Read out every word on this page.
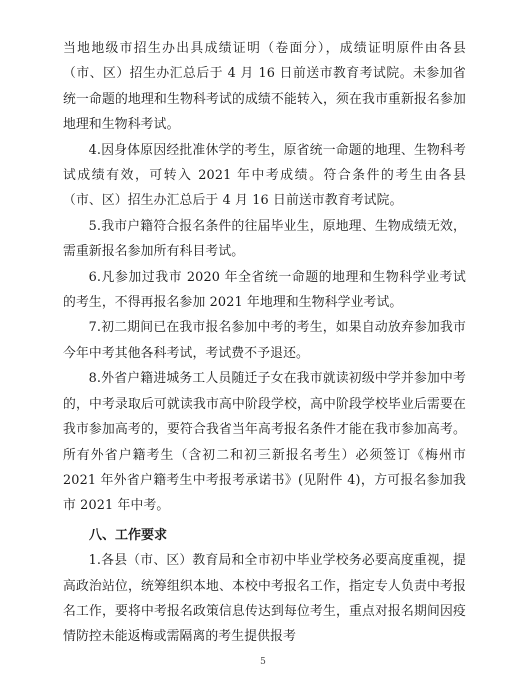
当地地级市招生办出具成绩证明（卷面分），成绩证明原件由各县（市、区）招生办汇总后于 4 月 16 日前送市教育考试院。未参加省统一命题的地理和生物科考试的成绩不能转入，须在我市重新报名参加地理和生物科考试。

4.因身体原因经批准休学的考生，原省统一命题的地理、生物科考试成绩有效，可转入 2021 年中考成绩。符合条件的考生由各县（市、区）招生办汇总后于 4 月 16 日前送市教育考试院。

5.我市户籍符合报名条件的往届毕业生，原地理、生物成绩无效，需重新报名参加所有科目考试。

6.凡参加过我市 2020 年全省统一命题的地理和生物科学业考试的考生，不得再报名参加 2021 年地理和生物科学业考试。

7.初二期间已在我市报名参加中考的考生，如果自动放弃参加我市今年中考其他各科考试，考试费不予退还。

8.外省户籍进城务工人员随迁子女在我市就读初级中学并参加中考的，中考录取后可就读我市高中阶段学校，高中阶段学校毕业后需要在我市参加高考的，要符合我省当年高考报名条件才能在我市参加高考。所有外省户籍考生（含初二和初三新报名考生）必须签订《梅州市 2021 年外省户籍考生中考报考承诺书》(见附件 4)，方可报名参加我市 2021 年中考。

八、工作要求

1.各县（市、区）教育局和全市初中毕业学校务必要高度重视，提高政治站位，统筹组织本地、本校中考报名工作，指定专人负责中考报名工作，要将中考报名政策信息传达到每位考生，重点对报名期间因疫情防控未能返梅或需隔离的考生提供报考

5
